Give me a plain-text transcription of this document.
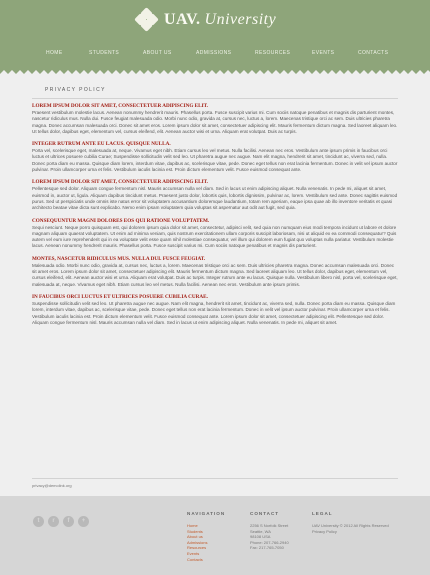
UAV. University
HOME	STUDENTS	ABOUT US	ADMISSIONS	RESOURCES	EVENTS	CONTACTS
PRIVACY POLICY
LOREM IPSUM DOLOR SIT AMET, CONSECTETUER ADIPISCING ELIT.
Praesent vestibulum molestie lacus. Aenean nonummy hendrerit mauris. Phasellus porta. Fusce suscipit varius mi. Cum sociis natoque penatibus et magnis dis parturient montes, nascetur ridiculus mus. Nulla dui. Fusce feugiat malesuada odio. Morbi nunc odio, gravida at, cursus nec, luctus a, lorem. Maecenas tristique orci ac sem. Duis ultricies pharetra magna. Donec accumsan malesuada orci. Donec sit amet eros. Lorem ipsum dolor sit amet, consectetuer adipiscing elit. Mauris fermentum dictum magna. Sed laoreet aliquam leo. Ut tellus dolor, dapibus eget, elementum vel, cursus eleifend, elit. Aenean auctor wisi et urna. Aliquam erat volutpat. Duis ac turpis.
INTEGER RUTRUM ANTE EU LACUS. QUISQUE NULLA.
Porta vel, scelerisque eget, malesuada at, neque. Vivamus eget nibh. Etiam cursus leo vel metus. Nulla facilisi. Aenean nec eros. Vestibulum ante ipsum primis in faucibus orci luctus et ultrices posuere cubilia Curae; Suspendisse sollicitudin velit sed leo. Ut pharetra augue nec augue. Nam elit magna, hendrerit sit amet, tincidunt ac, viverra sed, nulla. Donec porta diam eu massa. Quisque diam lorem, interdum vitae, dapibus ac, scelerisque vitae, pede. Donec eget tellus non erat lacinia fermentum. Donec in velit vel ipsum auctor pulvinar. Proin ullamcorper urna et felis. Vestibulum iaculis lacinia est. Proin dictum elementum velit. Fusce euismod consequat ante.
LOREM IPSUM DOLOR SIT AMET, CONSECTETUER ADIPISCING ELIT.
Pellentesque sed dolor. Aliquam congue fermentum nisl. Mauris accumsan nulla vel diam. Sed in lacus ut enim adipiscing aliquet. Nulla venenatis. In pede mi, aliquet sit amet, euismod in, auctor ut, ligula. Aliquam dapibus tincidunt metus. Praesent justo dolor, lobortis quis, lobortis dignissim, pulvinar ac, lorem. Vestibulum sed ante. Donec sagittis euismod purus. Sed ut perspiciatis unde omnis iste natus error sit voluptatem accusantium doloremque laudantium, totam rem aperiam, eaque ipsa quae ab illo inventore veritatis et quasi architecto beatae vitae dicta sunt explicabo. Nemo enim ipsam voluptatem quia voluptas sit aspernatur aut odit aut fugit, sed quia.
CONSEQUUNTUR MAGNI DOLORES EOS QUI RATIONE VOLUPTATEM.
Sequi nesciunt. Neque porro quisquam est, qui dolorem ipsum quia dolor sit amet, consectetur, adipisci velit, sed quia non numquam eius modi tempora incidunt ut labore et dolore magnam aliquam quaerat voluptatem. Ut enim ad minima veniam, quis nostrum exercitationem ullam corporis suscipit laboriosam, nisi ut aliquid ex ea commodi consequatur? Quis autem vel eum iure reprehenderit qui in ea voluptate velit esse quam nihil molestiae consequatur, vel illum qui dolorem eum fugiat quo voluptas nulla pariatur. Vestibulum molestie lacus. Aenean nonummy hendrerit mauris. Phasellus porta. Fusce suscipit varius mi. Cum sociis natoque penatibus et magnis dis parturient.
MONTES, NASCETUR RIDICULUS MUS. NULLA DUI. FUSCE FEUGIAT.
Malesuada odio. Morbi nunc odio, gravida at, cursus nec, luctus a, lorem. Maecenas tristique orci ac sem. Duis ultricies pharetra magna. Donec accumsan malesuada orci. Donec sit amet eros. Lorem ipsum dolor sit amet, consectetuer adipiscing elit. Mauris fermentum dictum magna. Sed laoreet aliquam leo. Ut tellus dolor, dapibus eget, elementum vel, cursus eleifend, elit. Aenean auctor wisi et urna. Aliquam erat volutpat. Duis ac turpis. Integer rutrum ante eu lacus. Quisque nulla. Vestibulum libero nisl, porta vel, scelerisque eget, malesuada at, neque. Vivamus eget nibh. Etiam cursus leo vel metus. Nulla facilisi. Aenean nec eros. Vestibulum ante ipsum primis.
IN FAUCIBUS ORCI LUCTUS ET ULTRICES POSUERE CUBILIA CURAE.
Suspendisse sollicitudin velit sed leo. Ut pharetra augue nec augue. Nam elit magna, hendrerit sit amet, tincidunt ac, viverra sed, nulla. Donec porta diam eu massa. Quisque diam lorem, interdum vitae, dapibus ac, scelerisque vitae, pede. Donec eget tellus non erat lacinia fermentum. Donec in velit vel ipsum auctor pulvinar. Proin ullamcorper urna et felis. Vestibulum iaculis lacinia est. Proin dictum elementum velit. Fusce euismod consequat ante. Lorem ipsum dolor sit amet, consectetuer adipiscing elit. Pellentesque sed dolor. Aliquam congue fermentum nisl. Mauris accumsan nulla vel diam. Sed in lacus ut enim adipiscing aliquet. Nulla venenatis. In pede mi, aliquet sit amet.
privacy@demolink.org
t	r	f	+
NAVIGATION
Home
Students
About us
Admissions
Resources
Events
Contacts
CONTACT
2256 S Norfolk Street
Seattle, WA
98108 USA
Phone: 207-766-2940
Fax: 217-765-7050
LEGAL
UAV University © 2012 All Rights Reserved
Privacy Policy
